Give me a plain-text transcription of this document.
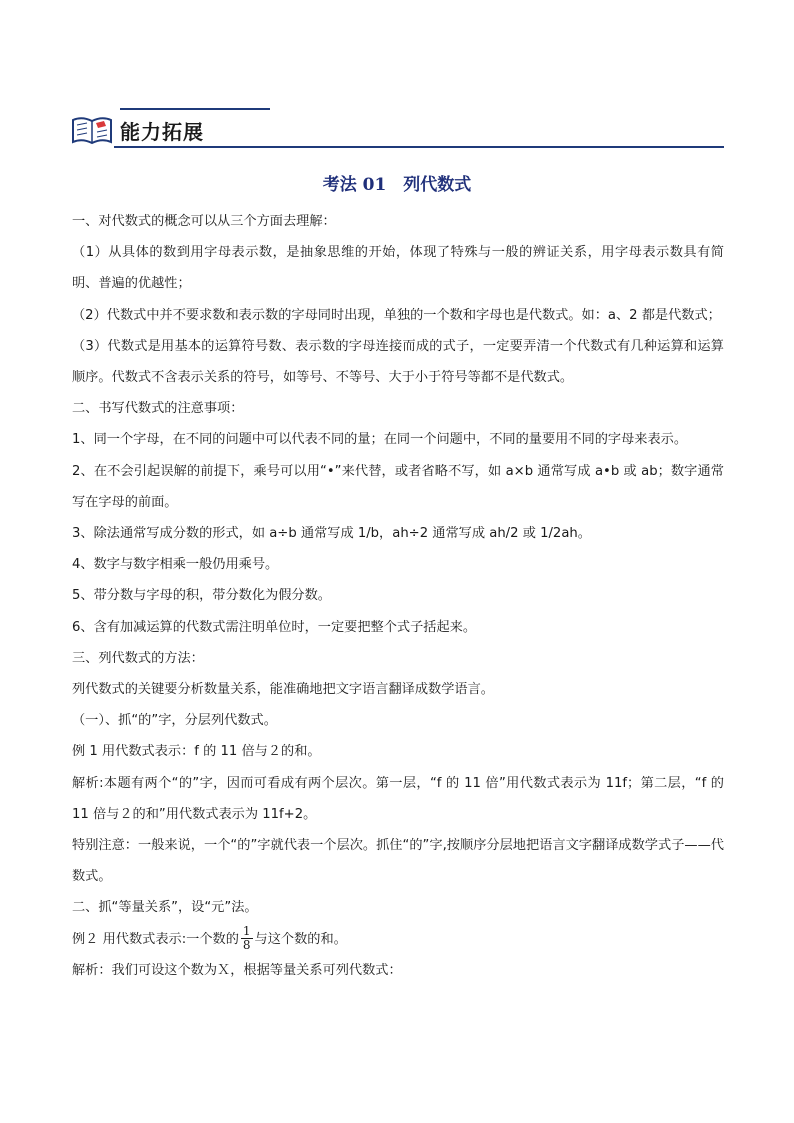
能力拓展
考法 01　列代数式

一、对代数式的概念可以从三个方面去理解：

（1）从具体的数到用字母表示数，是抽象思维的开始，体现了特殊与一般的辨证关系，用字母表示数具有简明、普遍的优越性；

（2）代数式中并不要求数和表示数的字母同时出现，单独的一个数和字母也是代数式。如：a、2 都是代数式；

（3）代数式是用基本的运算符号数、表示数的字母连接而成的式子，一定要弄清一个代数式有几种运算和运算顺序。代数式不含表示关系的符号，如等号、不等号、大于小于符号等都不是代数式。

二、书写代数式的注意事项：

1、同一个字母，在不同的问题中可以代表不同的量；在同一个问题中，不同的量要用不同的字母来表示。

2、在不会引起误解的前提下，乘号可以用“•”来代替，或者省略不写，如 a×b 通常写成 a•b 或 ab；数字通常写在字母的前面。

3、除法通常写成分数的形式，如 a÷b 通常写成 1/b，ah÷2 通常写成 ah/2 或 1/2ah。

4、数字与数字相乘一般仍用乘号。

5、带分数与字母的积，带分数化为假分数。

6、含有加减运算的代数式需注明单位时，一定要把整个式子括起来。

三、列代数式的方法：

列代数式的关键要分析数量关系，能准确地把文字语言翻译成数学语言。

（一）、抓“的”字，分层列代数式。

例 1 用代数式表示：f 的 11 倍与２的和。

解析:本题有两个“的”字，因而可看成有两个层次。第一层，“f 的 11 倍”用代数式表示为 11f；第二层，“f 的 11 倍与２的和”用代数式表示为 11f+2。

特别注意：一般来说，一个“的”字就代表一个层次。抓住“的”字,按顺序分层地把语言文字翻译成数学式子——代数式。

二、抓“等量关系”，设“元”法。

例２ 用代数式表示:一个数的 $\frac{1}{8}$ 与这个数的和。

解析：我们可设这个数为Ｘ，根据等量关系可列代数式：
